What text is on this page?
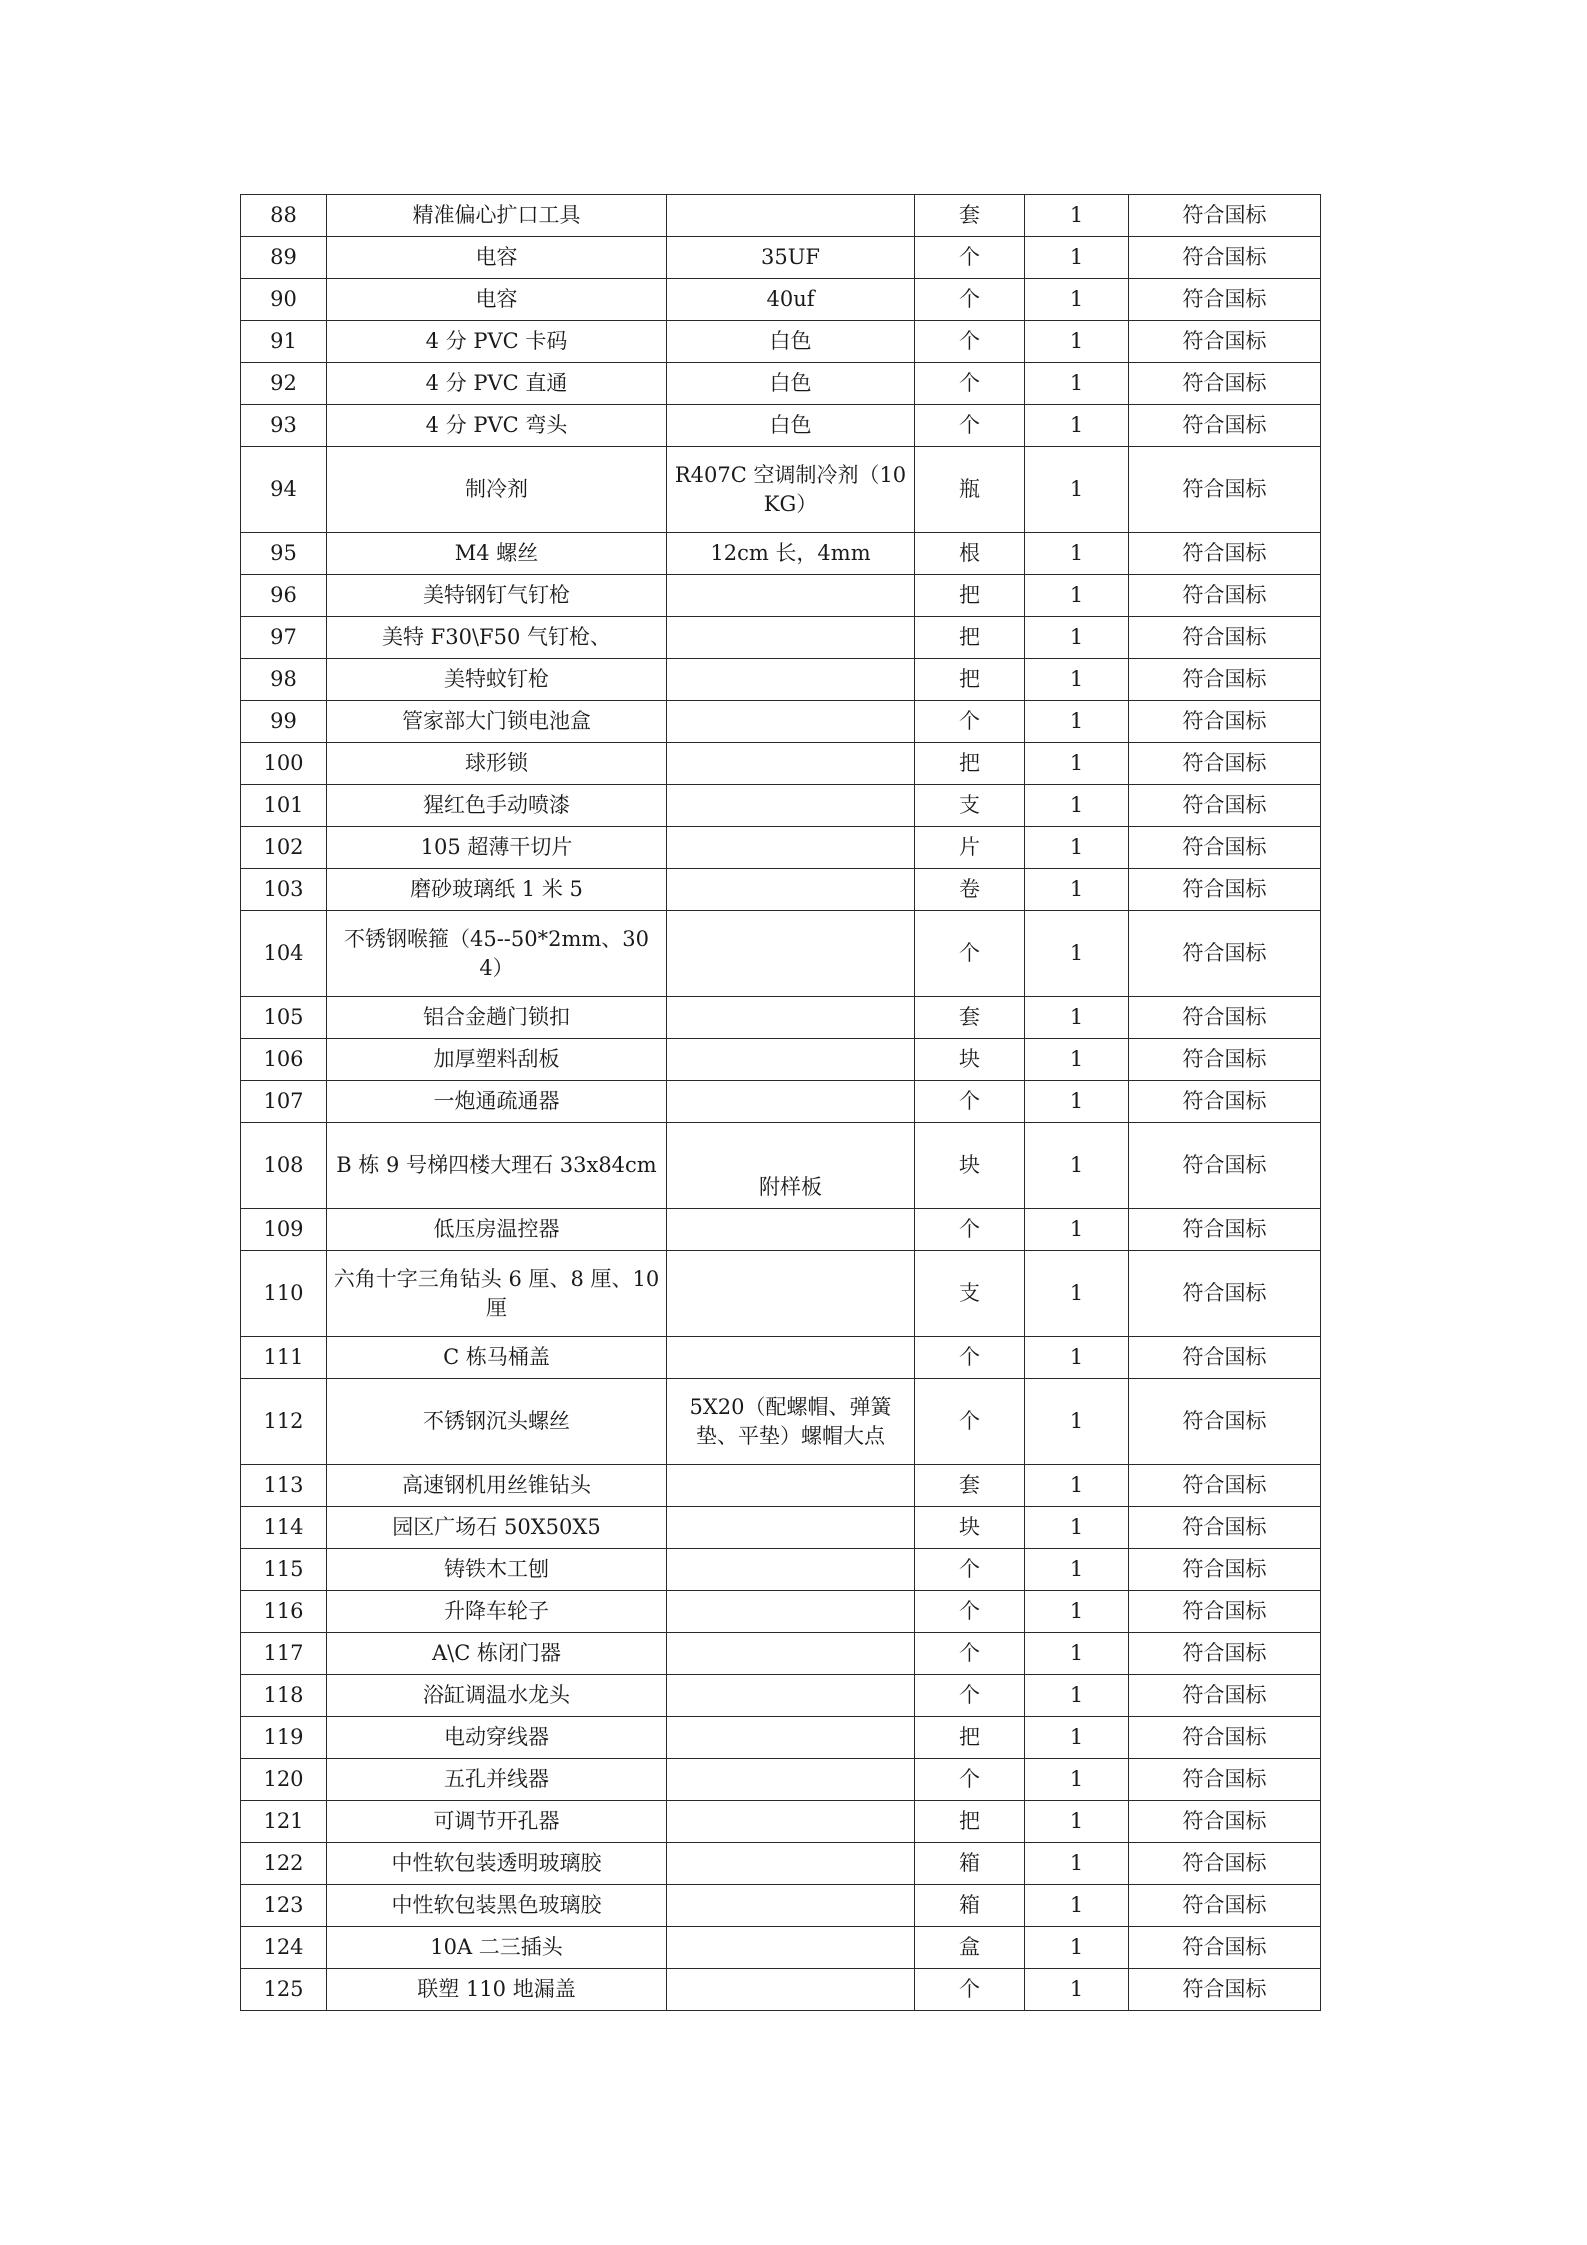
88	精准偏心扩口工具		套	1	符合国标
89	电容	35UF	个	1	符合国标
90	电容	40uf	个	1	符合国标
91	4 分 PVC 卡码	白色	个	1	符合国标
92	4 分 PVC 直通	白色	个	1	符合国标
93	4 分 PVC 弯头	白色	个	1	符合国标
94	制冷剂	R407C 空调制冷剂（10KG）	瓶	1	符合国标
95	M4 螺丝	12cm 长，4mm	根	1	符合国标
96	美特钢钉气钉枪		把	1	符合国标
97	美特 F30\F50 气钉枪、		把	1	符合国标
98	美特蚊钉枪		把	1	符合国标
99	管家部大门锁电池盒		个	1	符合国标
100	球形锁		把	1	符合国标
101	猩红色手动喷漆		支	1	符合国标
102	105 超薄干切片		片	1	符合国标
103	磨砂玻璃纸 1 米 5		卷	1	符合国标
104	不锈钢喉箍（45--50*2mm、304）		个	1	符合国标
105	铝合金趟门锁扣		套	1	符合国标
106	加厚塑料刮板		块	1	符合国标
107	一炮通疏通器		个	1	符合国标
108	B 栋 9 号梯四楼大理石 33x84cm	附样板	块	1	符合国标
109	低压房温控器		个	1	符合国标
110	六角十字三角钻头 6 厘、8 厘、10 厘		支	1	符合国标
111	C 栋马桶盖		个	1	符合国标
112	不锈钢沉头螺丝	5X20（配螺帽、弹簧垫、平垫）螺帽大点	个	1	符合国标
113	高速钢机用丝锥钻头		套	1	符合国标
114	园区广场石 50X50X5		块	1	符合国标
115	铸铁木工刨		个	1	符合国标
116	升降车轮子		个	1	符合国标
117	A\C 栋闭门器		个	1	符合国标
118	浴缸调温水龙头		个	1	符合国标
119	电动穿线器		把	1	符合国标
120	五孔并线器		个	1	符合国标
121	可调节开孔器		把	1	符合国标
122	中性软包装透明玻璃胶		箱	1	符合国标
123	中性软包装黑色玻璃胶		箱	1	符合国标
124	10A 二三插头		盒	1	符合国标
125	联塑 110 地漏盖		个	1	符合国标
